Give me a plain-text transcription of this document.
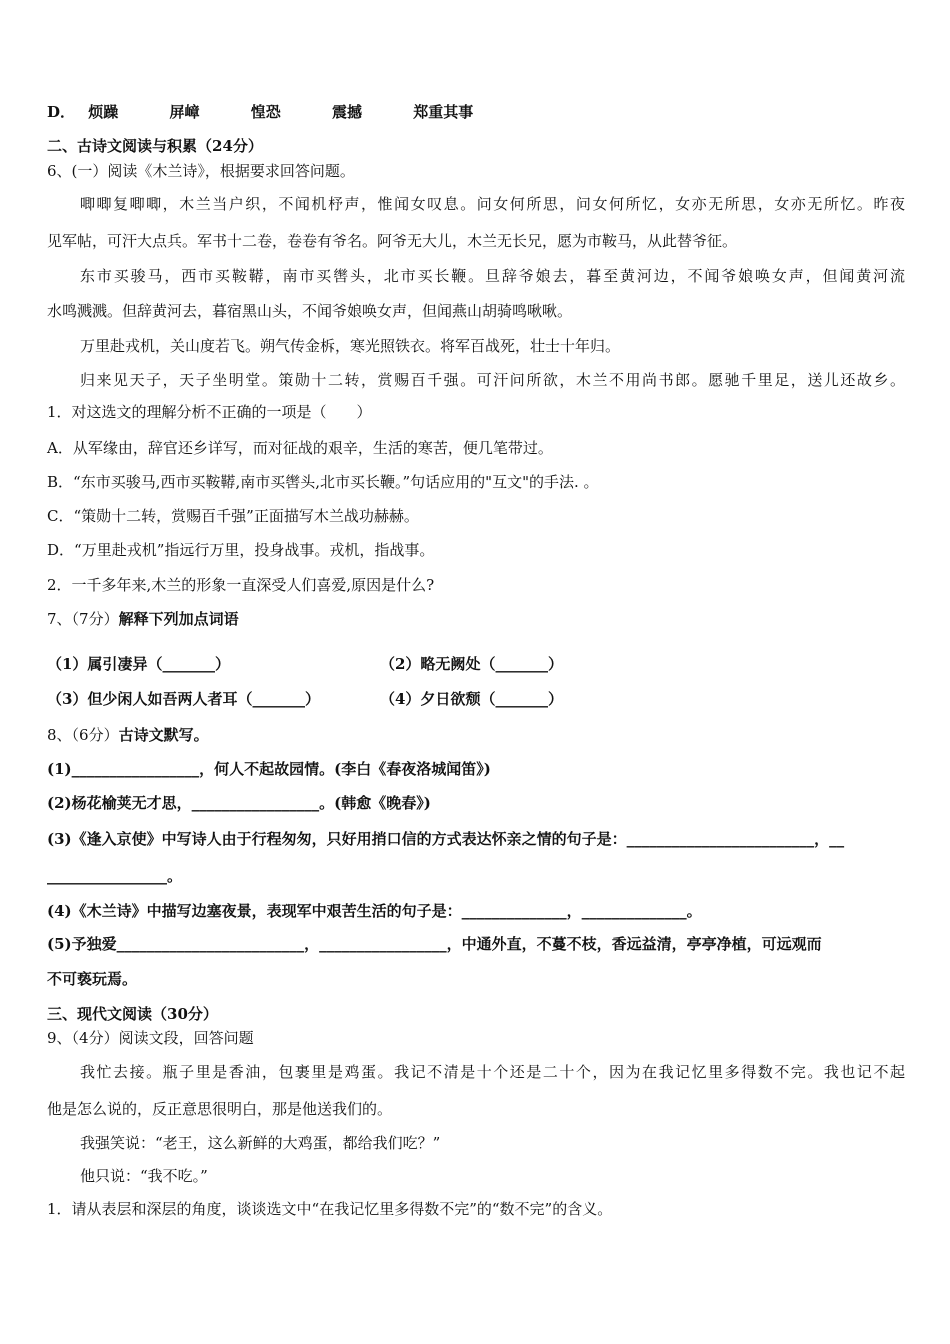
D． 烦躁	屏嶂	惶恐	震撼	郑重其事
二、古诗文阅读与积累（24分）
6、(一）阅读《木兰诗》，根据要求回答问题。
唧唧复唧唧，木兰当户织，不闻机杼声，惟闻女叹息。问女何所思，问女何所忆，女亦无所思，女亦无所忆。昨夜
见军帖，可汗大点兵。军书十二卷，卷卷有爷名。阿爷无大儿，木兰无长兄，愿为市鞍马，从此替爷征。
东市买骏马，西市买鞍鞯，南市买辔头，北市买长鞭。旦辞爷娘去，暮至黄河边，不闻爷娘唤女声，但闻黄河流
水鸣溅溅。但辞黄河去，暮宿黑山头，不闻爷娘唤女声，但闻燕山胡骑鸣啾啾。
万里赴戎机，关山度若飞。朔气传金柝，寒光照铁衣。将军百战死，壮士十年归。
归来见天子，天子坐明堂。策勋十二转，赏赐百千强。可汗问所欲，木兰不用尚书郎。愿驰千里足，送儿还故乡。
1．对这选文的理解分析不正确的一项是（　　）
A．从军缘由，辞官还乡详写，而对征战的艰辛，生活的寒苦，便几笔带过。
B．“东市买骏马,西市买鞍鞯,南市买辔头,北市买长鞭。”句话应用的"互文"的手法. 。
C．“策勋十二转，赏赐百千强”正面描写木兰战功赫赫。
D．“万里赴戎机”指远行万里，投身战事。戎机，指战事。
2．一千多年来,木兰的形象一直深受人们喜爱,原因是什么?
7、（7分）解释下列加点词语
（1）属引凄异（_______）	（2）略无阙处（_______）
（3）但少闲人如吾两人者耳（_______）	（4）夕日欲颓（_______）
8、（6分）古诗文默写。
(1)_________________，何人不起故园情。(李白《春夜洛城闻笛》)
(2)杨花榆荚无才思，_________________。(韩愈《晚春》)
(3)《逢入京使》中写诗人由于行程匆匆，只好用捎口信的方式表达怀亲之情的句子是：_________________________，__
________________。
(4)《木兰诗》中描写边塞夜景，表现军中艰苦生活的句子是：______________，______________。
(5)予独爱_________________________，_________________，中通外直，不蔓不枝，香远益清，亭亭净植，可远观而
不可亵玩焉。
三、现代文阅读（30分）
9、（4分）阅读文段，回答问题
我忙去接。瓶子里是香油，包裹里是鸡蛋。我记不清是十个还是二十个，因为在我记忆里多得数不完。我也记不起
他是怎么说的，反正意思很明白，那是他送我们的。
我强笑说：“老王，这么新鲜的大鸡蛋，都给我们吃？”
他只说：“我不吃。”
1．请从表层和深层的角度，谈谈选文中“在我记忆里多得数不完”的“数不完”的含义。
